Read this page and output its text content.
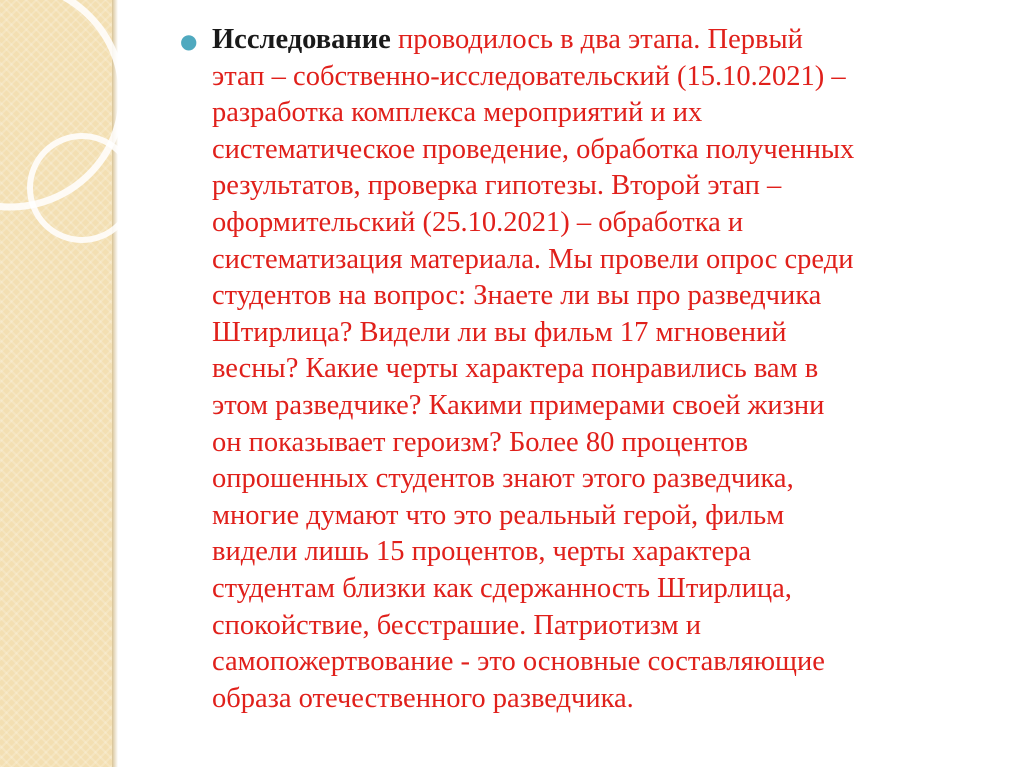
● Исследование проводилось в два этапа. Первый
этап – собственно-исследовательский (15.10.2021) –
разработка комплекса мероприятий и их
систематическое проведение, обработка полученных
результатов, проверка гипотезы. Второй этап –
оформительский (25.10.2021) – обработка и
систематизация материала. Мы провели опрос среди
студентов на вопрос: Знаете ли вы про разведчика
Штирлица? Видели ли вы фильм 17 мгновений
весны? Какие черты характера понравились вам в
этом разведчике? Какими примерами своей жизни
он показывает героизм? Более 80 процентов
опрошенных студентов знают этого разведчика,
многие думают что это реальный герой, фильм
видели лишь 15 процентов, черты характера
студентам близки как сдержанность Штирлица,
спокойствие, бесстрашие. Патриотизм и
самопожертвование - это основные составляющие
образа отечественного разведчика.
